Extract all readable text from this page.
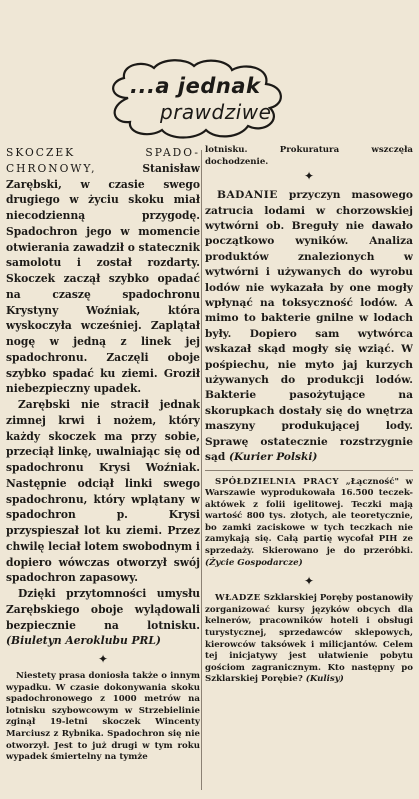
...a jednak
prawdziwe

SKOCZEK SPADO-CHRONOWY, Stanisław Zarębski, w czasie swego drugiego w życiu skoku miał niecodzienną przygodę. Spadochron jego w momencie otwierania zawadził o statecznik samolotu i został rozdarty. Skoczek zaczął szybko opadać na czaszę spadochronu Krystyny Woźniak, która wyskoczyła wcześniej. Zaplątał nogę w jedną z linek jej spadochronu. Zaczęli oboje szybko spadać ku ziemi. Groził niebezpieczny upadek.

Zarębski nie stracił jednak zimnej krwi i nożem, który każdy skoczek ma przy sobie, przeciął linkę, uwalniając się od spadochronu Krysi Woźniak. Następnie odciął linki swego spadochronu, który wplątany w spadochron p. Krysi przyspieszał lot ku ziemi. Przez chwilę leciał lotem swobodnym i dopiero wówczas otworzył swój spadochron zapasowy.

Dzięki przytomności umysłu Zarębskiego oboje wylądowali bezpiecznie na lotnisku. (Biuletyn Aeroklubu PRL)

✦

Niestety prasa doniosła także o innym wypadku. W czasie dokonywania skoku spadochronowego z 1000 metrów na lotnisku szybowcowym w Strzebielinie zginął 19-letni skoczek Wincenty Marciusz z Rybnika. Spadochron się nie otworzył. Jest to już drugi w tym roku wypadek śmiertelny na tymże

lotnisku. Prokuratura wszczęła dochodzenie.

✦

BADANIE przyczyn masowego zatrucia lodami w chorzowskiej wytwórni ob. Breguły nie dawało początkowo wyników. Analiza produktów znalezionych w wytwórni i używanych do wyrobu lodów nie wykazała by one mogły wpłynąć na toksyczność lodów. A mimo to bakterie gnilne w lodach były. Dopiero sam wytwórca wskazał skąd mogły się wziąć. W pośpiechu, nie myto jaj kurzych używanych do produkcji lodów. Bakterie pasożytujące na skorupkach dostały się do wnętrza maszyny produkującej lody. Sprawę ostatecznie rozstrzygnie sąd (Kurier Polski)

SPÓŁDZIELNIA PRACY „Łączność" w Warszawie wyprodukowała 16.500 teczek-aktówek z folii igelitowej. Teczki mają wartość 800 tys. złotych, ale teoretycznie, bo zamki zaciskowe w tych teczkach nie zamykają się. Całą partię wycofał PIH ze sprzedaży. Skierowano je do przeróbki. (Życie Gospodarcze)

✦

WŁADZE Szklarskiej Poręby postanowiły zorganizować kursy języków obcych dla kelnerów, pracowników hoteli i obsługi turystycznej, sprzedawców sklepowych, kierowców taksówek i milicjantów. Celem tej inicjatywy jest ułatwienie pobytu gościom zagranicznym. Kto następny po Szklarskiej Porębie? (Kulisy)
